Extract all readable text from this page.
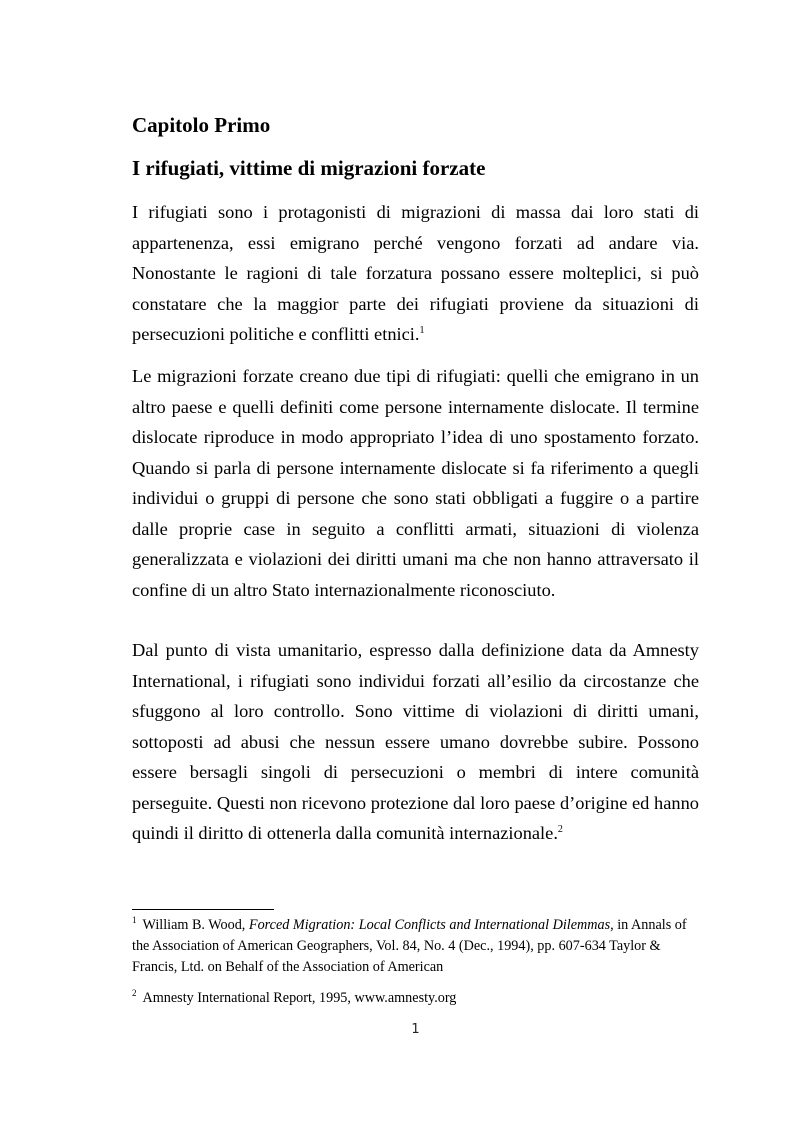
Capitolo Primo
I rifugiati, vittime di migrazioni forzate

I rifugiati sono i protagonisti di migrazioni di massa dai loro stati di appartenenza, essi emigrano perché vengono forzati ad andare via. Nonostante le ragioni di tale forzatura possano essere molteplici, si può constatare che la maggior parte dei rifugiati proviene da situazioni di persecuzioni politiche e conflitti etnici.$^1$

Le migrazioni forzate creano due tipi di rifugiati: quelli che emigrano in un altro paese e quelli definiti come persone internamente dislocate. Il termine dislocate riproduce in modo appropriato l’idea di uno spostamento forzato. Quando si parla di persone internamente dislocate si fa riferimento a quegli individui o gruppi di persone che sono stati obbligati a fuggire o a partire dalle proprie case in seguito a conflitti armati, situazioni di violenza generalizzata e violazioni dei diritti umani ma che non hanno attraversato il confine di un altro Stato internazionalmente riconosciuto.

Dal punto di vista umanitario, espresso dalla definizione data da Amnesty International, i rifugiati sono individui forzati all’esilio da circostanze che sfuggono al loro controllo. Sono vittime di violazioni di diritti umani, sottoposti ad abusi che nessun essere umano dovrebbe subire. Possono essere bersagli singoli di persecuzioni o membri di intere comunità perseguite. Questi non ricevono protezione dal loro paese d’origine ed hanno quindi il diritto di ottenerla dalla comunità internazionale.$^2$

$^1$ William B. Wood, Forced Migration: Local Conflicts and International Dilemmas, in Annals of the Association of American Geographers, Vol. 84, No. 4 (Dec., 1994), pp. 607-634 Taylor & Francis, Ltd. on Behalf of the Association of American

$^2$ Amnesty International Report, 1995, www.amnesty.org

1
